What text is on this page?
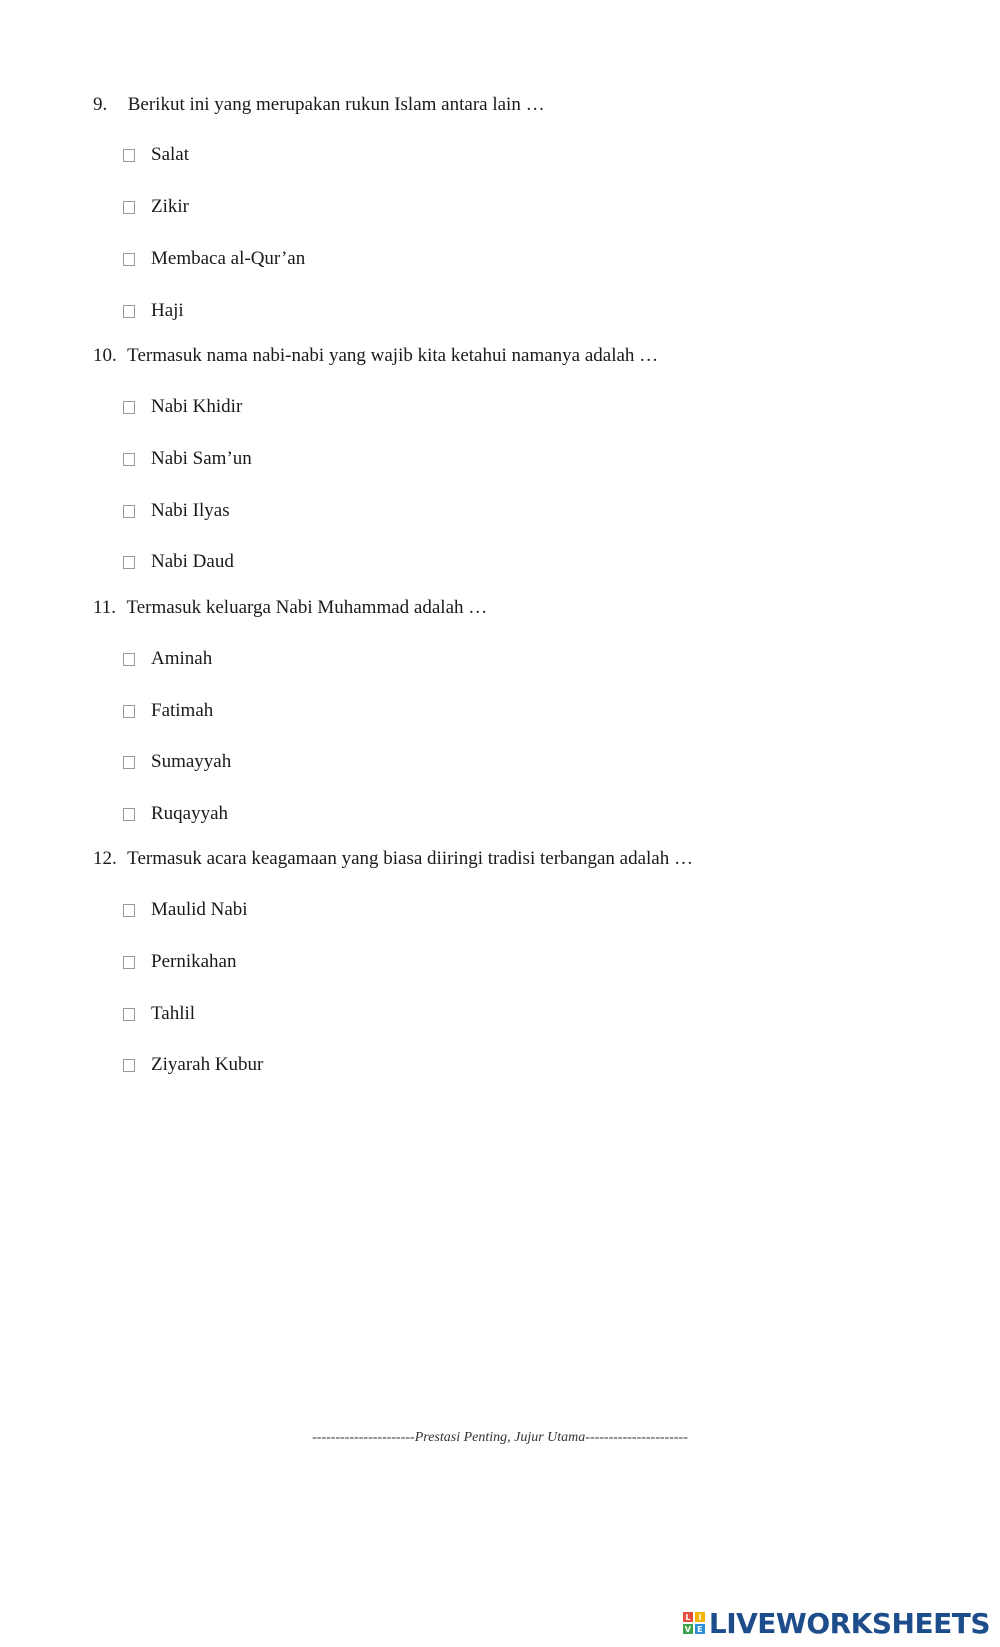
9. Berikut ini yang merupakan rukun Islam antara lain …
Salat
Zikir
Membaca al-Qur’an
Haji
10. Termasuk nama nabi-nabi yang wajib kita ketahui namanya adalah …
Nabi Khidir
Nabi Sam’un
Nabi Ilyas
Nabi Daud
11. Termasuk keluarga Nabi Muhammad adalah …
Aminah
Fatimah
Sumayyah
Ruqayyah
12. Termasuk acara keagamaan yang biasa diiringi tradisi terbangan adalah …
Maulid Nabi
Pernikahan
Tahlil
Ziyarah Kubur
----------------------Prestasi Penting, Jujur Utama----------------------
L I
V E LIVEWORKSHEETS
